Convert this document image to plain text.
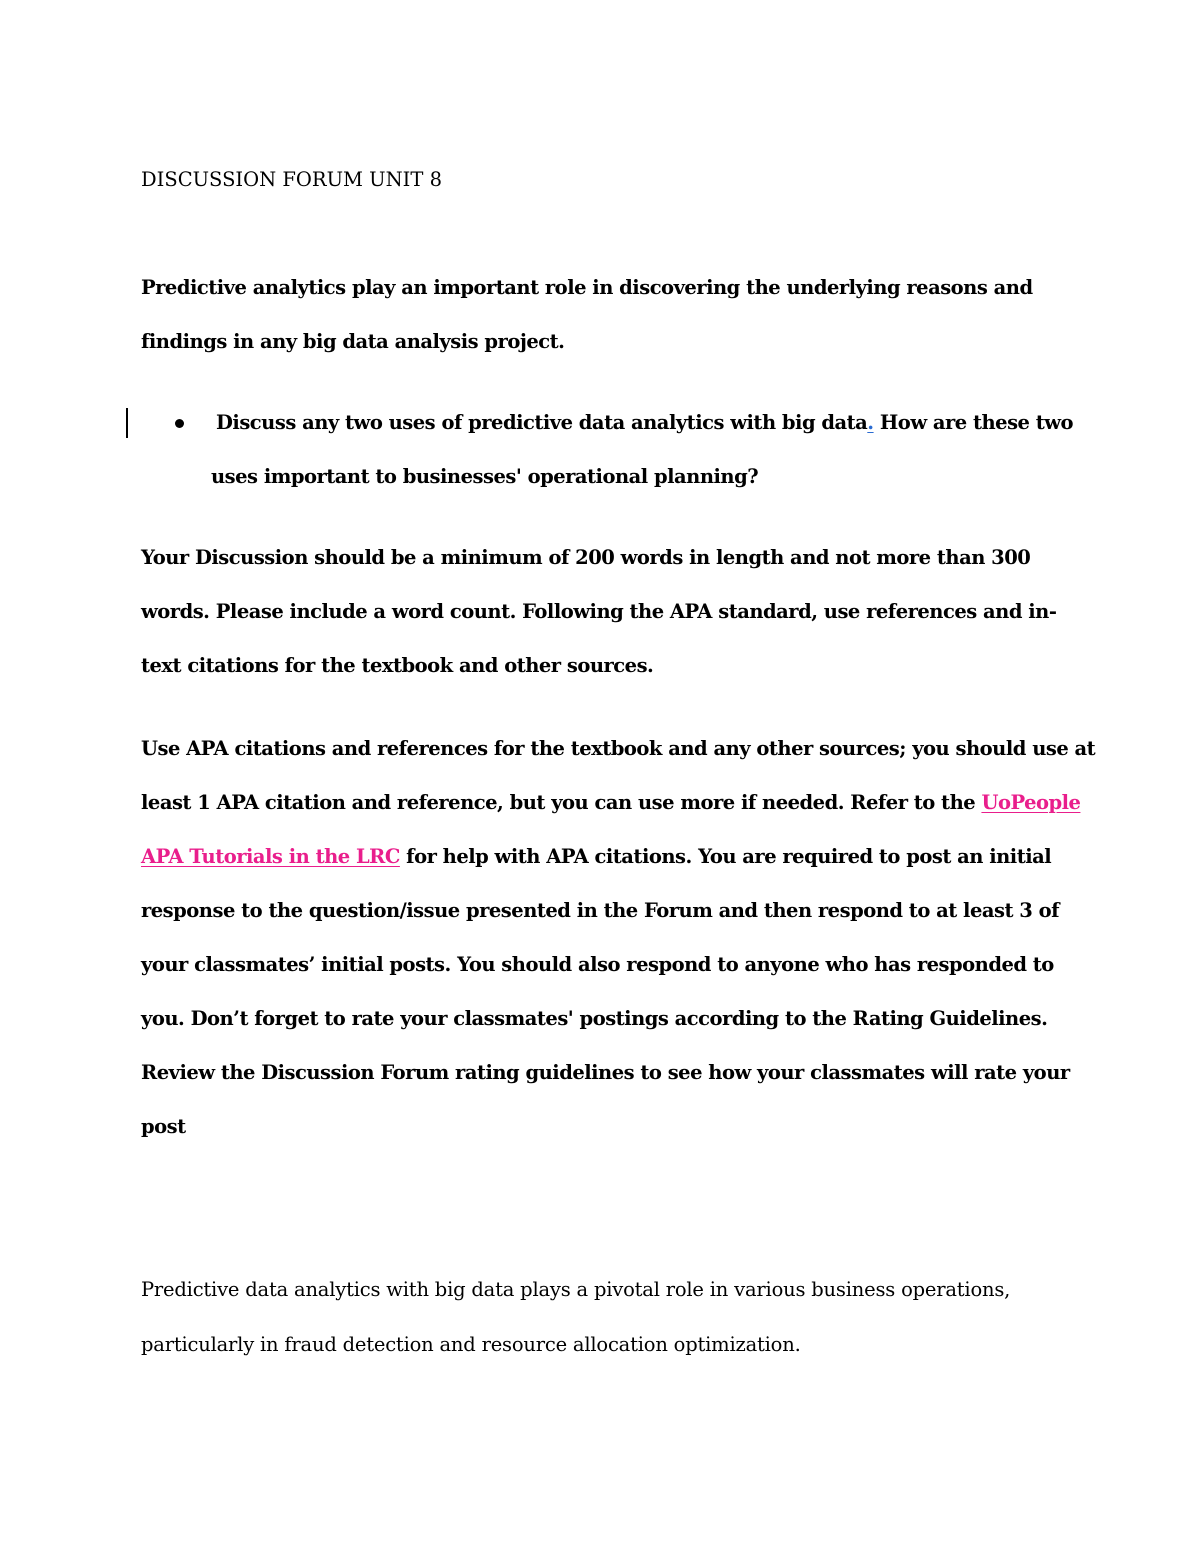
DISCUSSION FORUM UNIT 8
Predictive analytics play an important role in discovering the underlying reasons and
findings in any big data analysis project.
Discuss any two uses of predictive data analytics with big data. How are these two
uses important to businesses' operational planning?
Your Discussion should be a minimum of 200 words in length and not more than 300
words. Please include a word count. Following the APA standard, use references and in-
text citations for the textbook and other sources.
Use APA citations and references for the textbook and any other sources; you should use at
least 1 APA citation and reference, but you can use more if needed. Refer to the UoPeople
APA Tutorials in the LRC for help with APA citations. You are required to post an initial
response to the question/issue presented in the Forum and then respond to at least 3 of
your classmates’ initial posts. You should also respond to anyone who has responded to
you. Don’t forget to rate your classmates' postings according to the Rating Guidelines.
Review the Discussion Forum rating guidelines to see how your classmates will rate your
post
Predictive data analytics with big data plays a pivotal role in various business operations,
particularly in fraud detection and resource allocation optimization.
